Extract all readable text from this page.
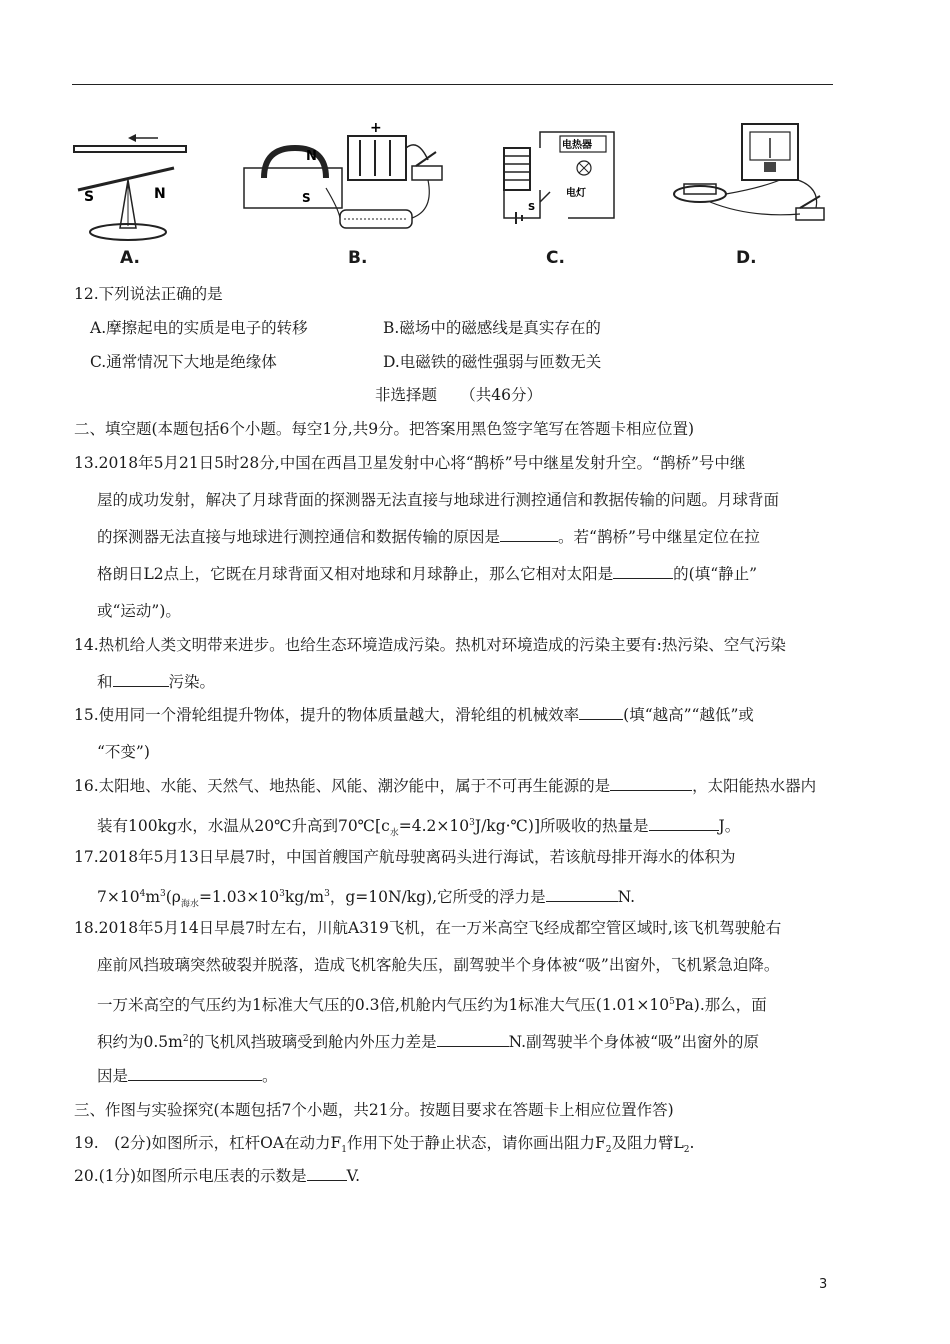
S	N
A.
N
+
S
B.
电热器
电灯
S
C.	D.
12.下列说法正确的是
A.摩擦起电的实质是电子的转移	B.磁场中的磁感线是真实存在的
C.通常情况下大地是绝缘体	D.电磁铁的磁性强弱与匝数无关
非选择题　　（共46分）
二、填空题(本题包括6个小题。每空1分,共9分。把答案用黑色签字笔写在答题卡相应位置)
13.2018年5月21日5时28分,中国在西昌卫星发射中心将“鹊桥”号中继星发射升空。“鹊桥”号中继
屋的成功发射，解决了月球背面的探测器无法直接与地球进行测控通信和教据传输的问题。月球背面
的探测器无法直接与地球进行测控通信和数据传输的原因是	。若“鹊桥”号中继星定位在拉
格朗日L2点上，它既在月球背面又相对地球和月球静止，那么它相对太阳是	的(填“静止”
或“运动”)。
14.热机给人类文明带来进步。也给生态环境造成污染。热机对环境造成的污染主要有:热污染、空气污染
和	污染。
15.使用同一个滑轮组提升物体，提升的物体质量越大，滑轮组的机械效率	(填“越高”“越低”或
“不变”)
16.太阳地、水能、天然气、地热能、风能、潮汐能中，属于不可再生能源的是	，太阳能热水器内
装有100kg水，水温从20℃升高到$70℃[c_水=4.2\times 10^3J/kg\cdot℃)$]所吸收的热量是	J。
17.2018年5月13日早晨7时，中国首艘国产航母驶离码头进行海试，若该航母排开海水的体积为
$7\times 10^4m^3(\rho_{海水}=1.03\times 10^3kg/m^3$，g=10N/kg),它所受的浮力是	N.
18.2018年5月14日早晨7时左右，川航A319飞机，在一万米高空飞经成都空管区域时,该飞机驾驶舱右
座前风挡玻璃突然破裂并脱落，造成飞机客舱失压，副驾驶半个身体被“吸”出窗外，飞机紧急迫降。
一万米高空的气压约为1标准大气压的0.3倍,机舱内气压约为1标准大气压$(1.01\times 10^5Pa)$.那么，面
积约为$0.5m^2$的飞机风挡玻璃受到舱内外压力差是	N.副驾驶半个身体被“吸”出窗外的原
因是	。
三、作图与实验探究(本题包括7个小题，共21分。按题目要求在答题卡上相应位置作答)
19.　(2分)如图所示，杠杆OA在动力$F_1$作用下处于静止状态，请你画出阻力$F_2$及阻力臂$L_2$.
20.(1分)如图所示电压表的示数是	V.
3
